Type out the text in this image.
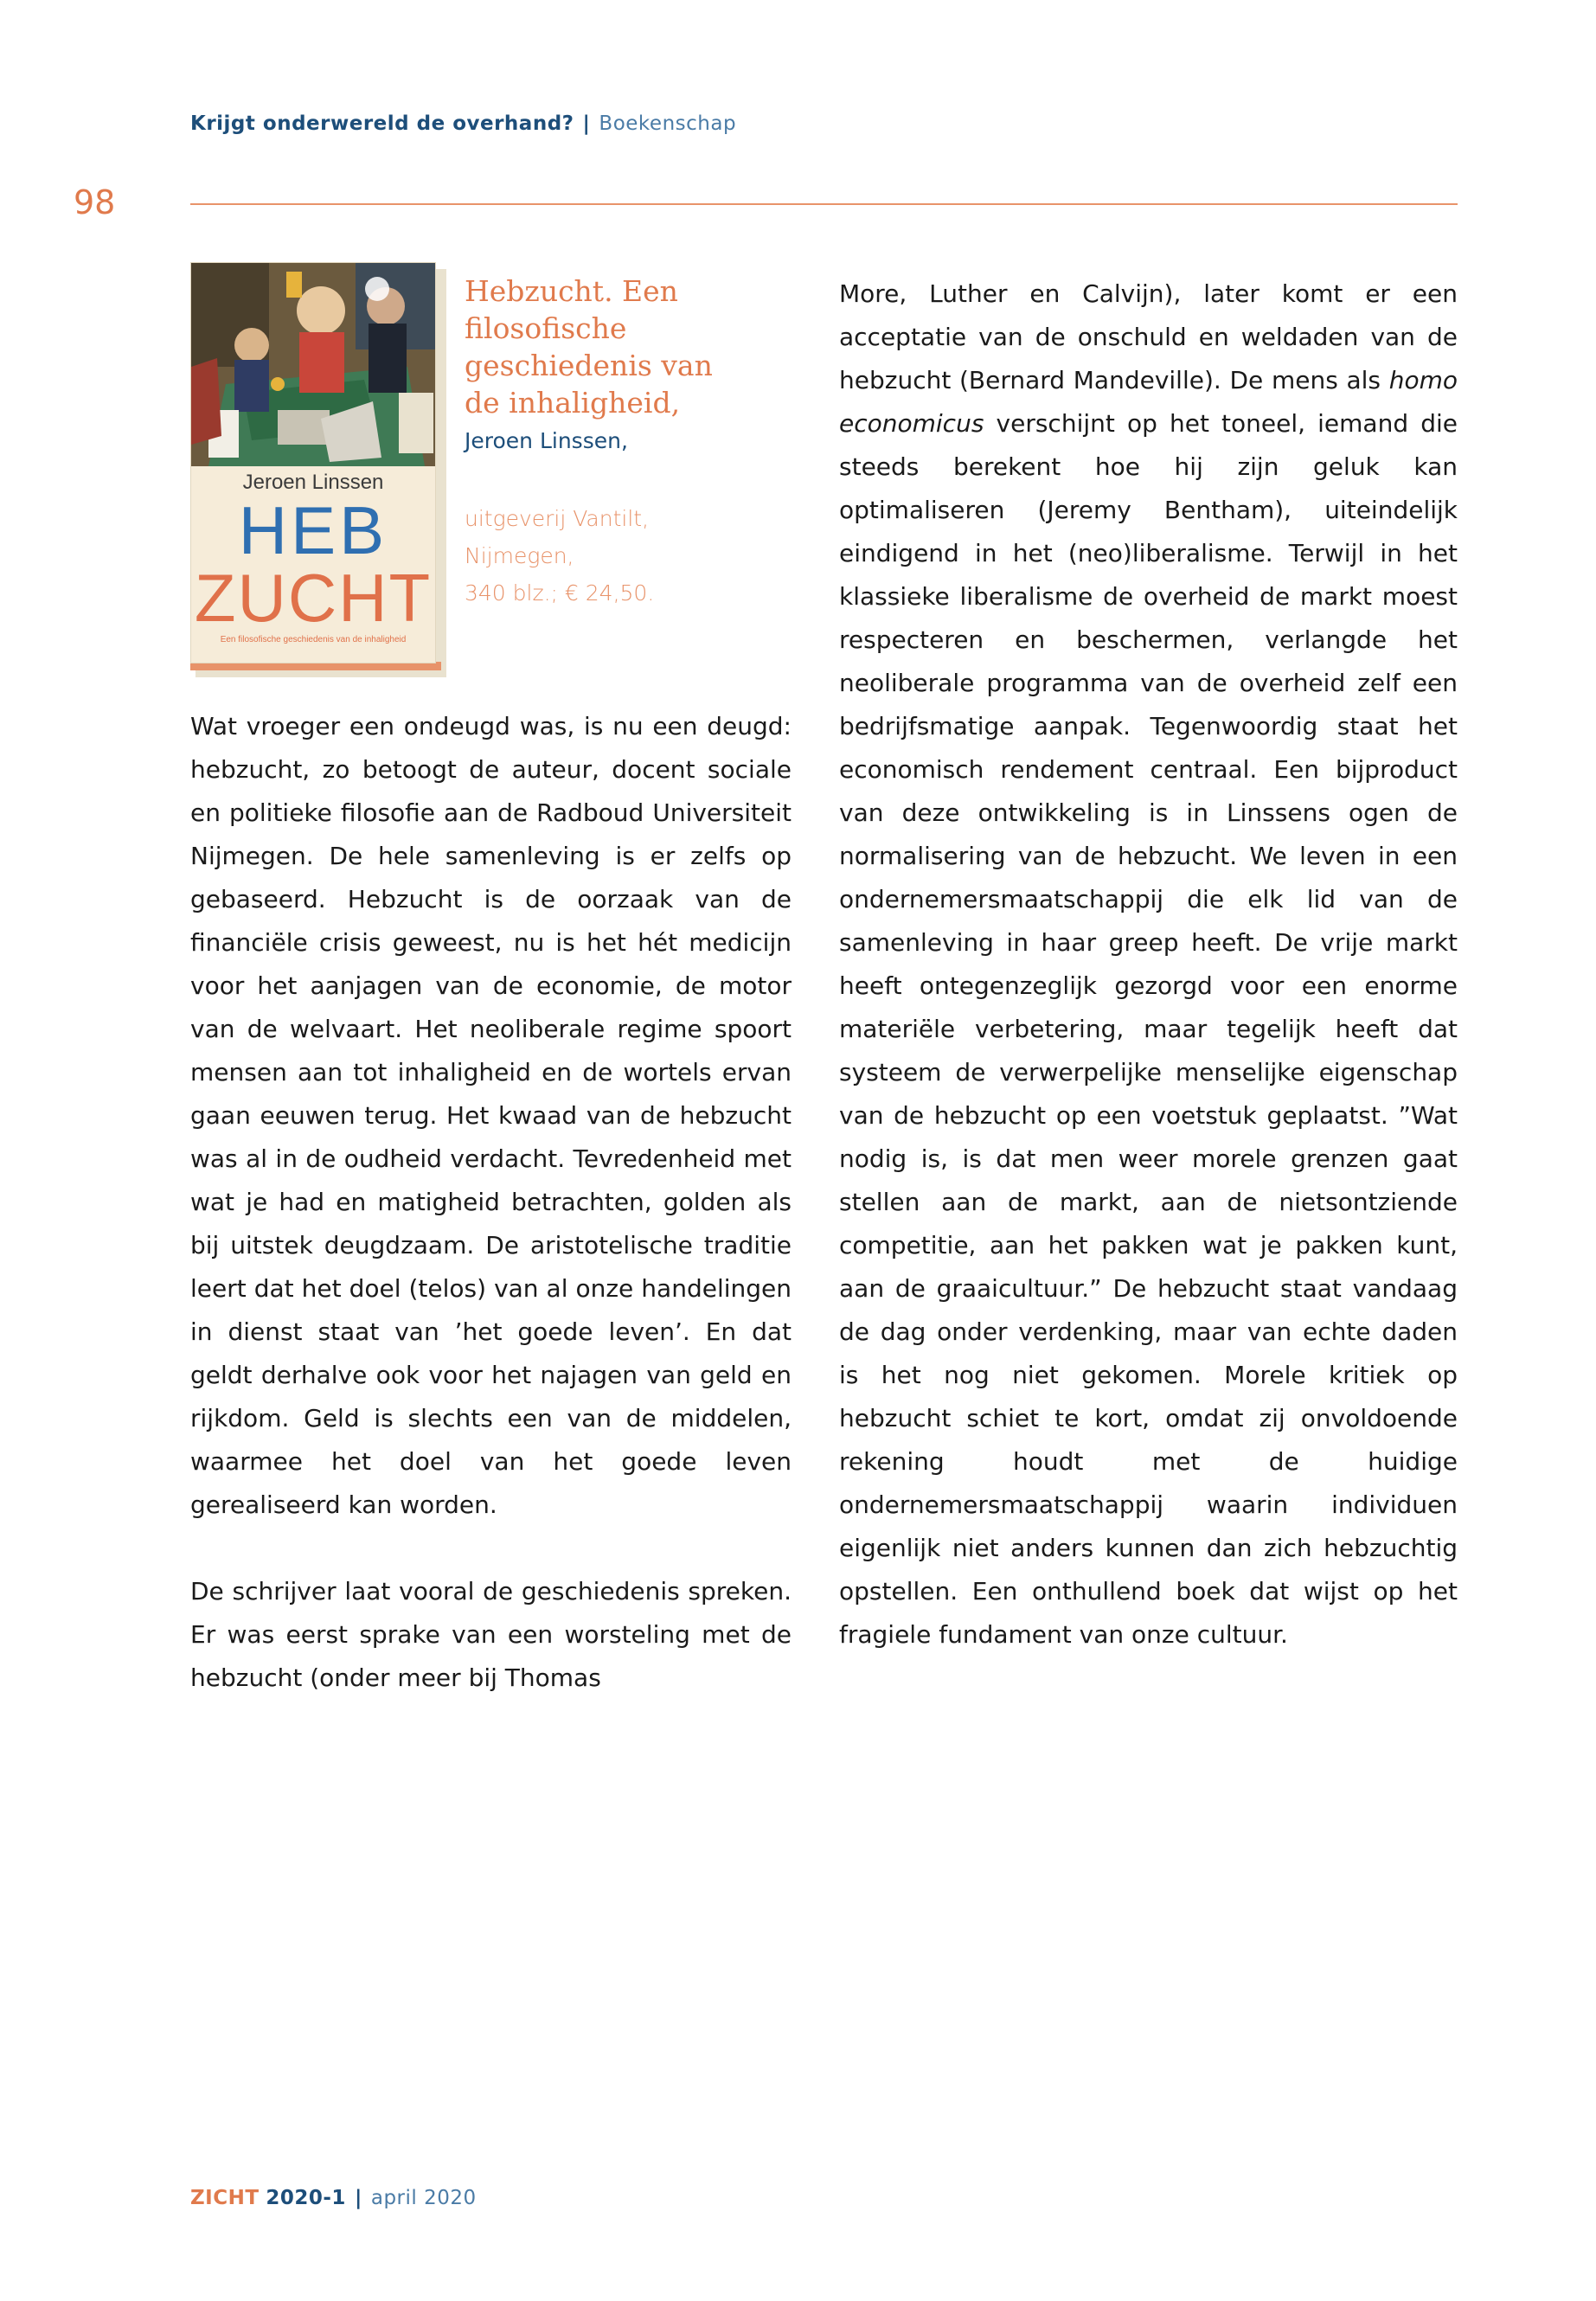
Krijgt onderwereld de overhand? | Boekenschap
98
Jeroen Linssen
HEB
ZUCHT
Een filosofische geschiedenis van de inhaligheid
Hebzucht. Een filosofische geschiedenis van de inhaligheid,
Jeroen Linssen,
uitgeverij Vantilt,
Nijmegen,
340 blz.; € 24,50.

Wat vroeger een ondeugd was, is nu een deugd: hebzucht, zo betoogt de auteur, docent sociale en politieke filosofie aan de Radboud Universiteit Nijmegen. De hele samenleving is er zelfs op gebaseerd. Hebzucht is de oorzaak van de financiële crisis geweest, nu is het hét medicijn voor het aanjagen van de economie, de motor van de welvaart. Het neoliberale regime spoort mensen aan tot inhaligheid en de wortels ervan gaan eeuwen terug. Het kwaad van de hebzucht was al in de oudheid verdacht. Tevredenheid met wat je had en matigheid betrachten, golden als bij uitstek deugdzaam. De aristotelische traditie leert dat het doel (telos) van al onze handelingen in dienst staat van ’het goede leven’. En dat geldt derhalve ook voor het najagen van geld en rijkdom. Geld is slechts een van de middelen, waarmee het doel van het goede leven gerealiseerd kan worden.

De schrijver laat vooral de geschiedenis spreken. Er was eerst sprake van een worsteling met de hebzucht (onder meer bij Thomas

More, Luther en Calvijn), later komt er een acceptatie van de onschuld en weldaden van de hebzucht (Bernard Mandeville). De mens als homo economicus verschijnt op het toneel, iemand die steeds berekent hoe hij zijn geluk kan optimaliseren (Jeremy Bentham), uiteindelijk eindigend in het (neo)liberalisme. Terwijl in het klassieke liberalisme de overheid de markt moest respecteren en beschermen, verlangde het neoliberale programma van de overheid zelf een bedrijfsmatige aanpak. Tegenwoordig staat het economisch rendement centraal. Een bijproduct van deze ontwikkeling is in Linssens ogen de normalisering van de hebzucht. We leven in een ondernemersmaatschappij die elk lid van de samenleving in haar greep heeft. De vrije markt heeft ontegenzeglijk gezorgd voor een enorme materiële verbetering, maar tegelijk heeft dat systeem de verwerpelijke menselijke eigenschap van de hebzucht op een voetstuk geplaatst. ”Wat nodig is, is dat men weer morele grenzen gaat stellen aan de markt, aan de nietsontziende competitie, aan het pakken wat je pakken kunt, aan de graaicultuur.” De hebzucht staat vandaag de dag onder verdenking, maar van echte daden is het nog niet gekomen. Morele kritiek op hebzucht schiet te kort, omdat zij onvoldoende rekening houdt met de huidige ondernemersmaatschappij waarin individuen eigenlijk niet anders kunnen dan zich hebzuchtig opstellen. Een onthullend boek dat wijst op het fragiele fundament van onze cultuur.

ZICHT 2020-1 | april 2020
